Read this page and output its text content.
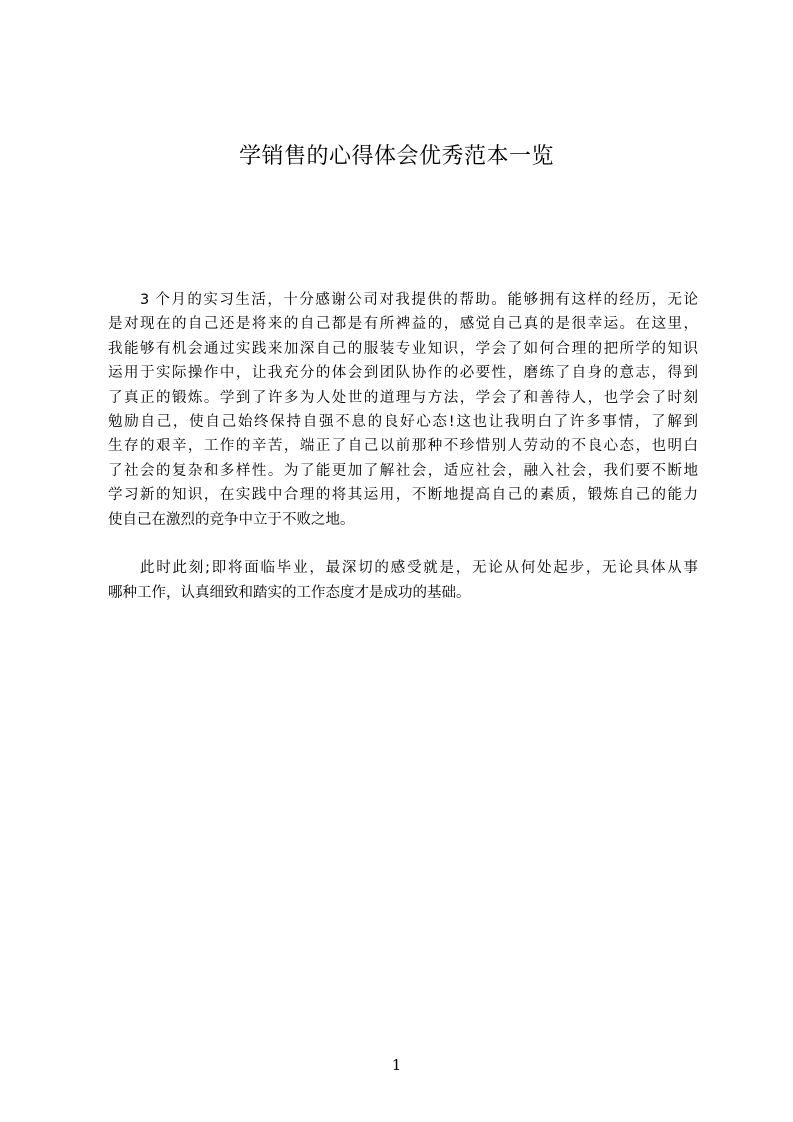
学销售的心得体会优秀范本一览
3 个月的实习生活，十分感谢公司对我提供的帮助。能够拥有这样的经历，无论
是对现在的自己还是将来的自己都是有所裨益的，感觉自己真的是很幸运。在这里，
我能够有机会通过实践来加深自己的服装专业知识，学会了如何合理的把所学的知识
运用于实际操作中，让我充分的体会到团队协作的必要性，磨练了自身的意志，得到
了真正的锻炼。学到了许多为人处世的道理与方法，学会了和善待人，也学会了时刻
勉励自己，使自己始终保持自强不息的良好心态!这也让我明白了许多事情，了解到
生存的艰辛，工作的辛苦，端正了自己以前那种不珍惜别人劳动的不良心态，也明白
了社会的复杂和多样性。为了能更加了解社会，适应社会，融入社会，我们要不断地
学习新的知识，在实践中合理的将其运用，不断地提高自己的素质，锻炼自己的能力
使自己在激烈的竞争中立于不败之地。
此时此刻;即将面临毕业，最深切的感受就是，无论从何处起步，无论具体从事
哪种工作，认真细致和踏实的工作态度才是成功的基础。
1
